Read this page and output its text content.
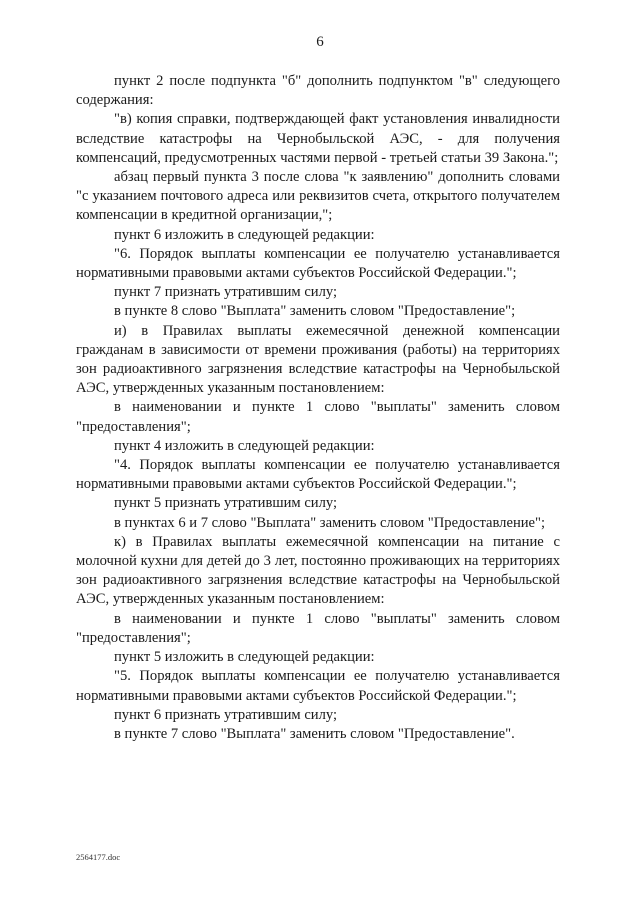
6

пункт 2 после подпункта "б" дополнить подпунктом "в" следующего содержания:

"в) копия справки, подтверждающей факт установления инвалидности вследствие катастрофы на Чернобыльской АЭС, - для получения компенсаций, предусмотренных частями первой - третьей статьи 39 Закона.";

абзац первый пункта 3 после слова "к заявлению" дополнить словами "с указанием почтового адреса или реквизитов счета, открытого получателем компенсации в кредитной организации,";

пункт 6 изложить в следующей редакции:

"6. Порядок выплаты компенсации ее получателю устанавливается нормативными правовыми актами субъектов Российской Федерации.";

пункт 7 признать утратившим силу;

в пункте 8 слово "Выплата" заменить словом "Предоставление";

и) в Правилах выплаты ежемесячной денежной компенсации гражданам в зависимости от времени проживания (работы) на территориях зон радиоактивного загрязнения вследствие катастрофы на Чернобыльской АЭС, утвержденных указанным постановлением:

в наименовании и пункте 1 слово "выплаты" заменить словом "предоставления";

пункт 4 изложить в следующей редакции:

"4. Порядок выплаты компенсации ее получателю устанавливается нормативными правовыми актами субъектов Российской Федерации.";

пункт 5 признать утратившим силу;

в пунктах 6 и 7 слово "Выплата" заменить словом "Предоставление";

к) в Правилах выплаты ежемесячной компенсации на питание с молочной кухни для детей до 3 лет, постоянно проживающих на территориях зон радиоактивного загрязнения вследствие катастрофы на Чернобыльской АЭС, утвержденных указанным постановлением:

в наименовании и пункте 1 слово "выплаты" заменить словом "предоставления";

пункт 5 изложить в следующей редакции:

"5. Порядок выплаты компенсации ее получателю устанавливается нормативными правовыми актами субъектов Российской Федерации.";

пункт 6 признать утратившим силу;

в пункте 7 слово "Выплата" заменить словом "Предоставление".

2564177.doc
